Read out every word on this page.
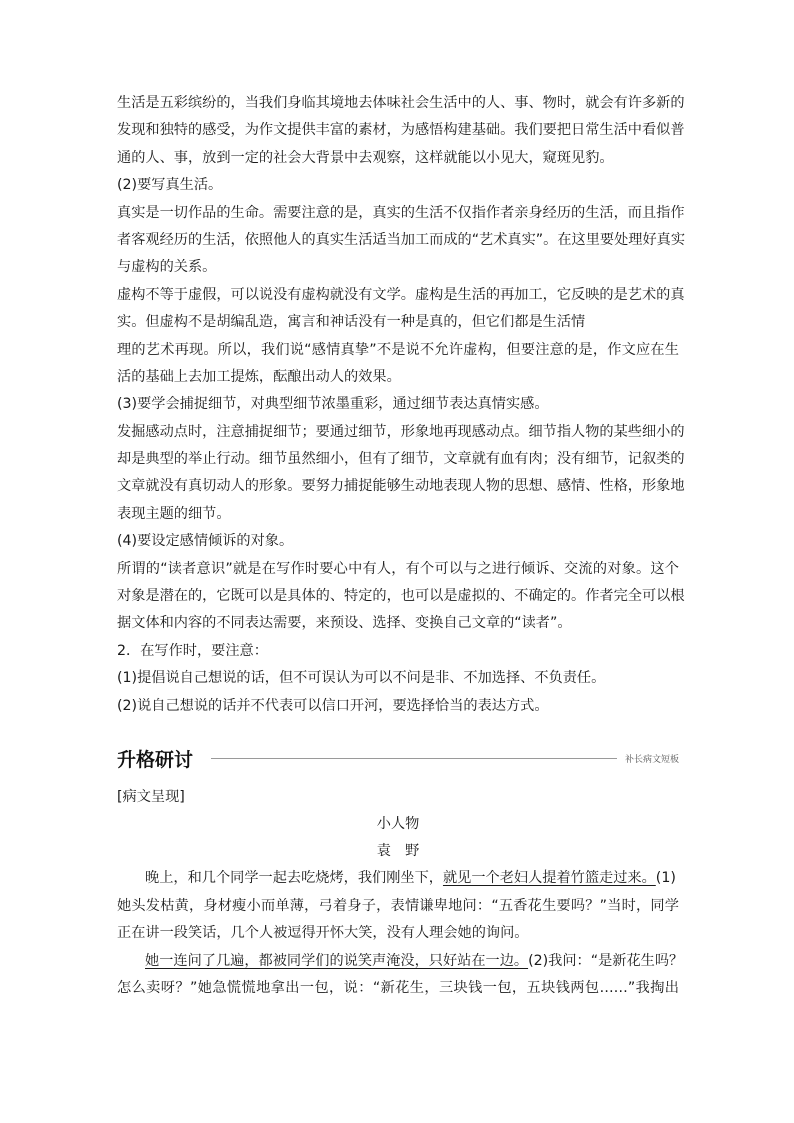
生活是五彩缤纷的，当我们身临其境地去体味社会生活中的人、事、物时，就会有许多新的
发现和独特的感受，为作文提供丰富的素材，为感悟构建基础。我们要把日常生活中看似普
通的人、事，放到一定的社会大背景中去观察，这样就能以小见大，窥斑见豹。
(2)要写真生活。
真实是一切作品的生命。需要注意的是，真实的生活不仅指作者亲身经历的生活，而且指作
者客观经历的生活，依照他人的真实生活适当加工而成的“艺术真实”。在这里要处理好真实
与虚构的关系。
虚构不等于虚假，可以说没有虚构就没有文学。虚构是生活的再加工，它反映的是艺术的真
实。但虚构不是胡编乱造，寓言和神话没有一种是真的，但它们都是生活情
理的艺术再现。所以，我们说“感情真挚”不是说不允许虚构，但要注意的是，作文应在生
活的基础上去加工提炼，酝酿出动人的效果。
(3)要学会捕捉细节，对典型细节浓墨重彩，通过细节表达真情实感。
发掘感动点时，注意捕捉细节；要通过细节，形象地再现感动点。细节指人物的某些细小的
却是典型的举止行动。细节虽然细小，但有了细节，文章就有血有肉；没有细节，记叙类的
文章就没有真切动人的形象。要努力捕捉能够生动地表现人物的思想、感情、性格，形象地
表现主题的细节。
(4)要设定感情倾诉的对象。
所谓的“读者意识”就是在写作时要心中有人，有个可以与之进行倾诉、交流的对象。这个
对象是潜在的，它既可以是具体的、特定的，也可以是虚拟的、不确定的。作者完全可以根
据文体和内容的不同表达需要，来预设、选择、变换自己文章的“读者”。
2．在写作时，要注意：
(1)提倡说自己想说的话，但不可误认为可以不问是非、不加选择、不负责任。
(2)说自己想说的话并不代表可以信口开河，要选择恰当的表达方式。
升格研讨	补长病文短板
[病文呈现]
小人物
袁　野
晚上，和几个同学一起去吃烧烤，我们刚坐下，就见一个老妇人提着竹篮走过来。(1)
她头发枯黄，身材瘦小而单薄，弓着身子，表情谦卑地问：“五香花生要吗？”当时，同学
正在讲一段笑话，几个人被逗得开怀大笑，没有人理会她的询问。
她一连问了几遍，都被同学们的说笑声淹没，只好站在一边。(2)我问：“是新花生吗？
怎么卖呀？”她急慌慌地拿出一包，说：“新花生，三块钱一包，五块钱两包……”我掏出
